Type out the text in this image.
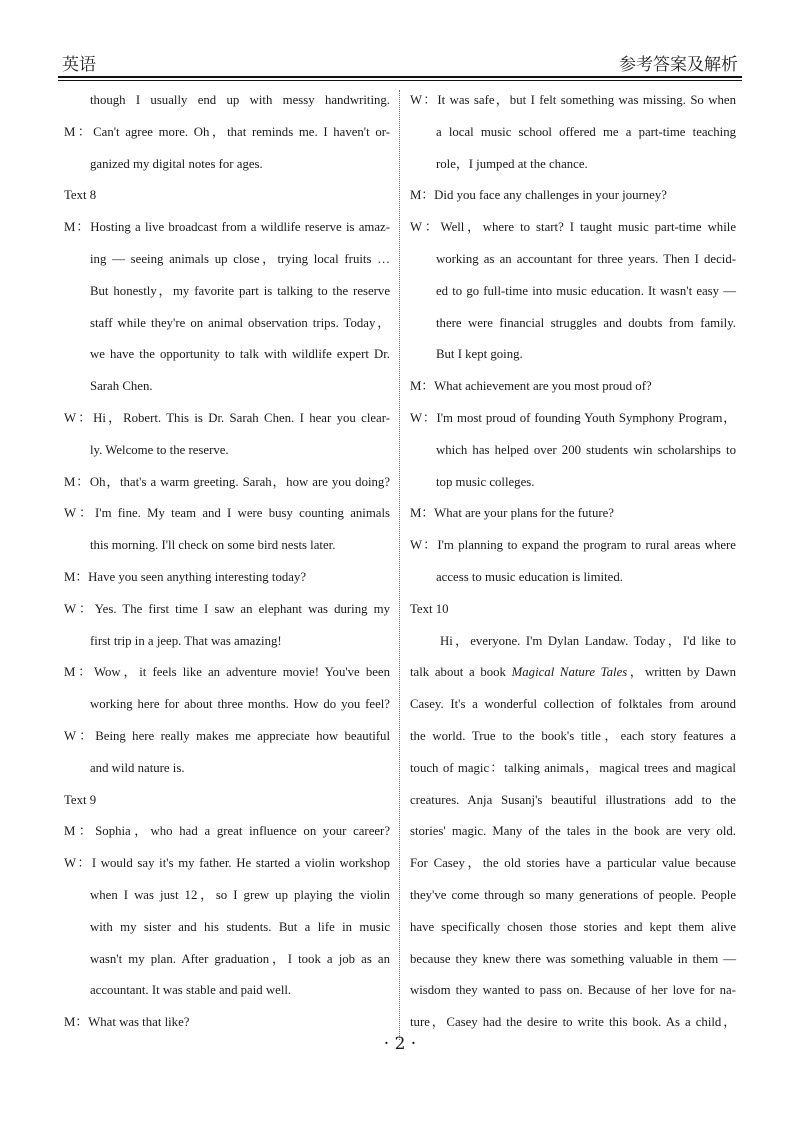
英语	参考答案及解析
though I usually end up with messy handwriting.
M：Can't agree more. Oh，that reminds me. I haven't or-
ganized my digital notes for ages.
Text 8
M：Hosting a live broadcast from a wildlife reserve is amaz-
ing — seeing animals up close，trying local fruits …
But honestly，my favorite part is talking to the reserve
staff while they're on animal observation trips. Today，
we have the opportunity to talk with wildlife expert Dr.
Sarah Chen.
W：Hi，Robert. This is Dr. Sarah Chen. I hear you clear-
ly. Welcome to the reserve.
M：Oh，that's a warm greeting. Sarah，how are you doing?
W：I'm fine. My team and I were busy counting animals
this morning. I'll check on some bird nests later.
M：Have you seen anything interesting today?
W：Yes. The first time I saw an elephant was during my
first trip in a jeep. That was amazing!
M：Wow，it feels like an adventure movie! You've been
working here for about three months. How do you feel?
W：Being here really makes me appreciate how beautiful
and wild nature is.
Text 9
M：Sophia，who had a great influence on your career?
W：I would say it's my father. He started a violin workshop
when I was just 12，so I grew up playing the violin
with my sister and his students. But a life in music
wasn't my plan. After graduation，I took a job as an
accountant. It was stable and paid well.
M：What was that like?
W：It was safe，but I felt something was missing. So when
a local music school offered me a part-time teaching
role，I jumped at the chance.
M：Did you face any challenges in your journey?
W：Well，where to start? I taught music part-time while
working as an accountant for three years. Then I decid-
ed to go full-time into music education. It wasn't easy —
there were financial struggles and doubts from family.
But I kept going.
M：What achievement are you most proud of?
W：I'm most proud of founding Youth Symphony Program，
which has helped over 200 students win scholarships to
top music colleges.
M：What are your plans for the future?
W：I'm planning to expand the program to rural areas where
access to music education is limited.
Text 10
Hi，everyone. I'm Dylan Landaw. Today，I'd like to
talk about a book Magical Nature Tales，written by Dawn
Casey. It's a wonderful collection of folktales from around
the world. True to the book's title，each story features a
touch of magic：talking animals，magical trees and magical
creatures. Anja Susanj's beautiful illustrations add to the
stories' magic. Many of the tales in the book are very old.
For Casey，the old stories have a particular value because
they've come through so many generations of people. People
have specifically chosen those stories and kept them alive
because they knew there was something valuable in them —
wisdom they wanted to pass on. Because of her love for na-
ture，Casey had the desire to write this book. As a child，
· 2 ·
